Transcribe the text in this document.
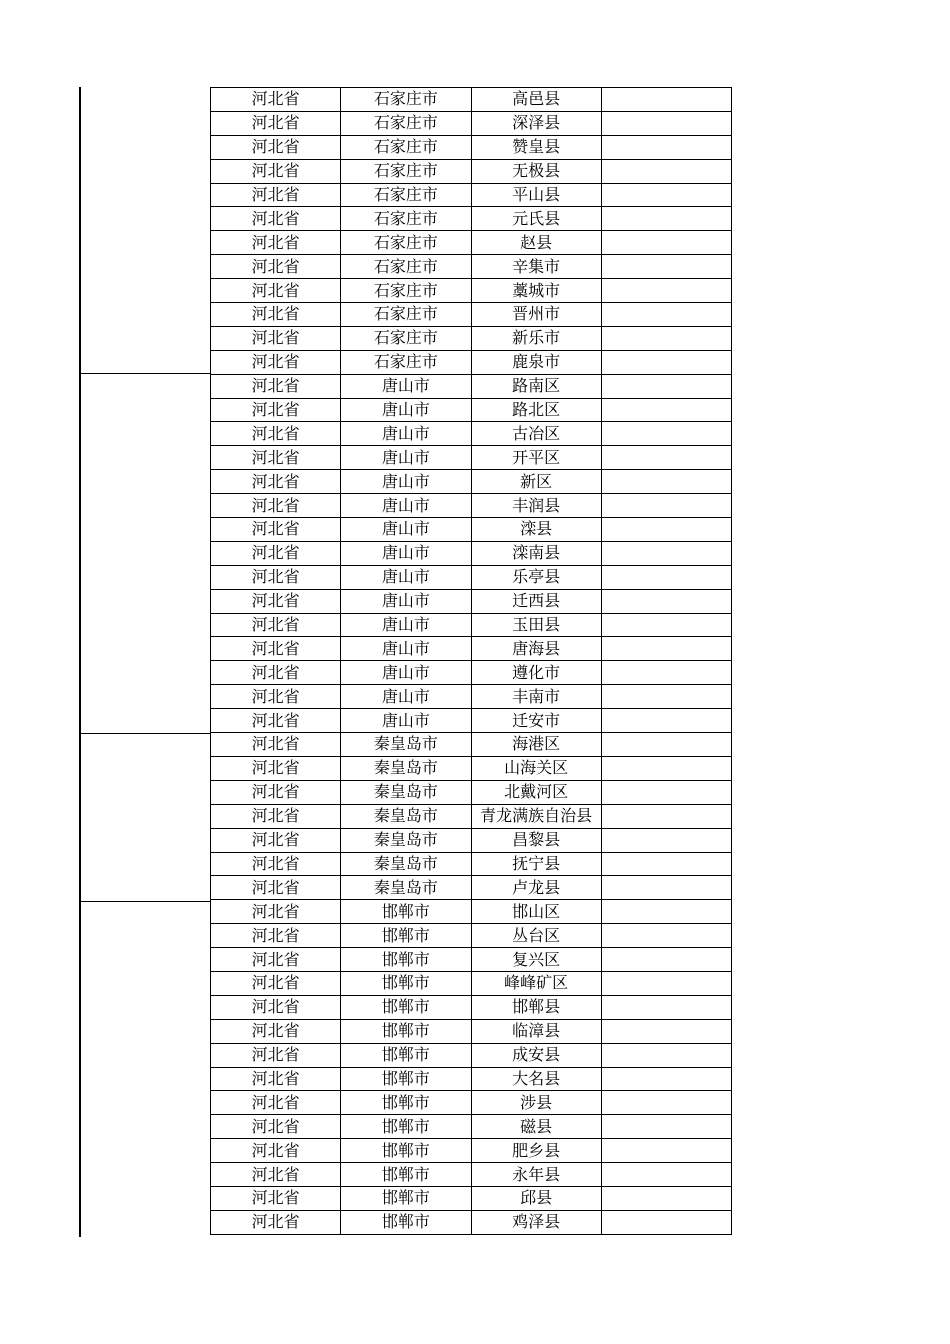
河北省	石家庄市	高邑县	
河北省	石家庄市	深泽县	
河北省	石家庄市	赞皇县	
河北省	石家庄市	无极县	
河北省	石家庄市	平山县	
河北省	石家庄市	元氏县	
河北省	石家庄市	赵县	
河北省	石家庄市	辛集市	
河北省	石家庄市	藁城市	
河北省	石家庄市	晋州市	
河北省	石家庄市	新乐市	
河北省	石家庄市	鹿泉市	
河北省	唐山市	路南区	
河北省	唐山市	路北区	
河北省	唐山市	古冶区	
河北省	唐山市	开平区	
河北省	唐山市	新区	
河北省	唐山市	丰润县	
河北省	唐山市	滦县	
河北省	唐山市	滦南县	
河北省	唐山市	乐亭县	
河北省	唐山市	迁西县	
河北省	唐山市	玉田县	
河北省	唐山市	唐海县	
河北省	唐山市	遵化市	
河北省	唐山市	丰南市	
河北省	唐山市	迁安市	
河北省	秦皇岛市	海港区	
河北省	秦皇岛市	山海关区	
河北省	秦皇岛市	北戴河区	
河北省	秦皇岛市	青龙满族自治县	
河北省	秦皇岛市	昌黎县	
河北省	秦皇岛市	抚宁县	
河北省	秦皇岛市	卢龙县	
河北省	邯郸市	邯山区	
河北省	邯郸市	丛台区	
河北省	邯郸市	复兴区	
河北省	邯郸市	峰峰矿区	
河北省	邯郸市	邯郸县	
河北省	邯郸市	临漳县	
河北省	邯郸市	成安县	
河北省	邯郸市	大名县	
河北省	邯郸市	涉县	
河北省	邯郸市	磁县	
河北省	邯郸市	肥乡县	
河北省	邯郸市	永年县	
河北省	邯郸市	邱县	
河北省	邯郸市	鸡泽县	
